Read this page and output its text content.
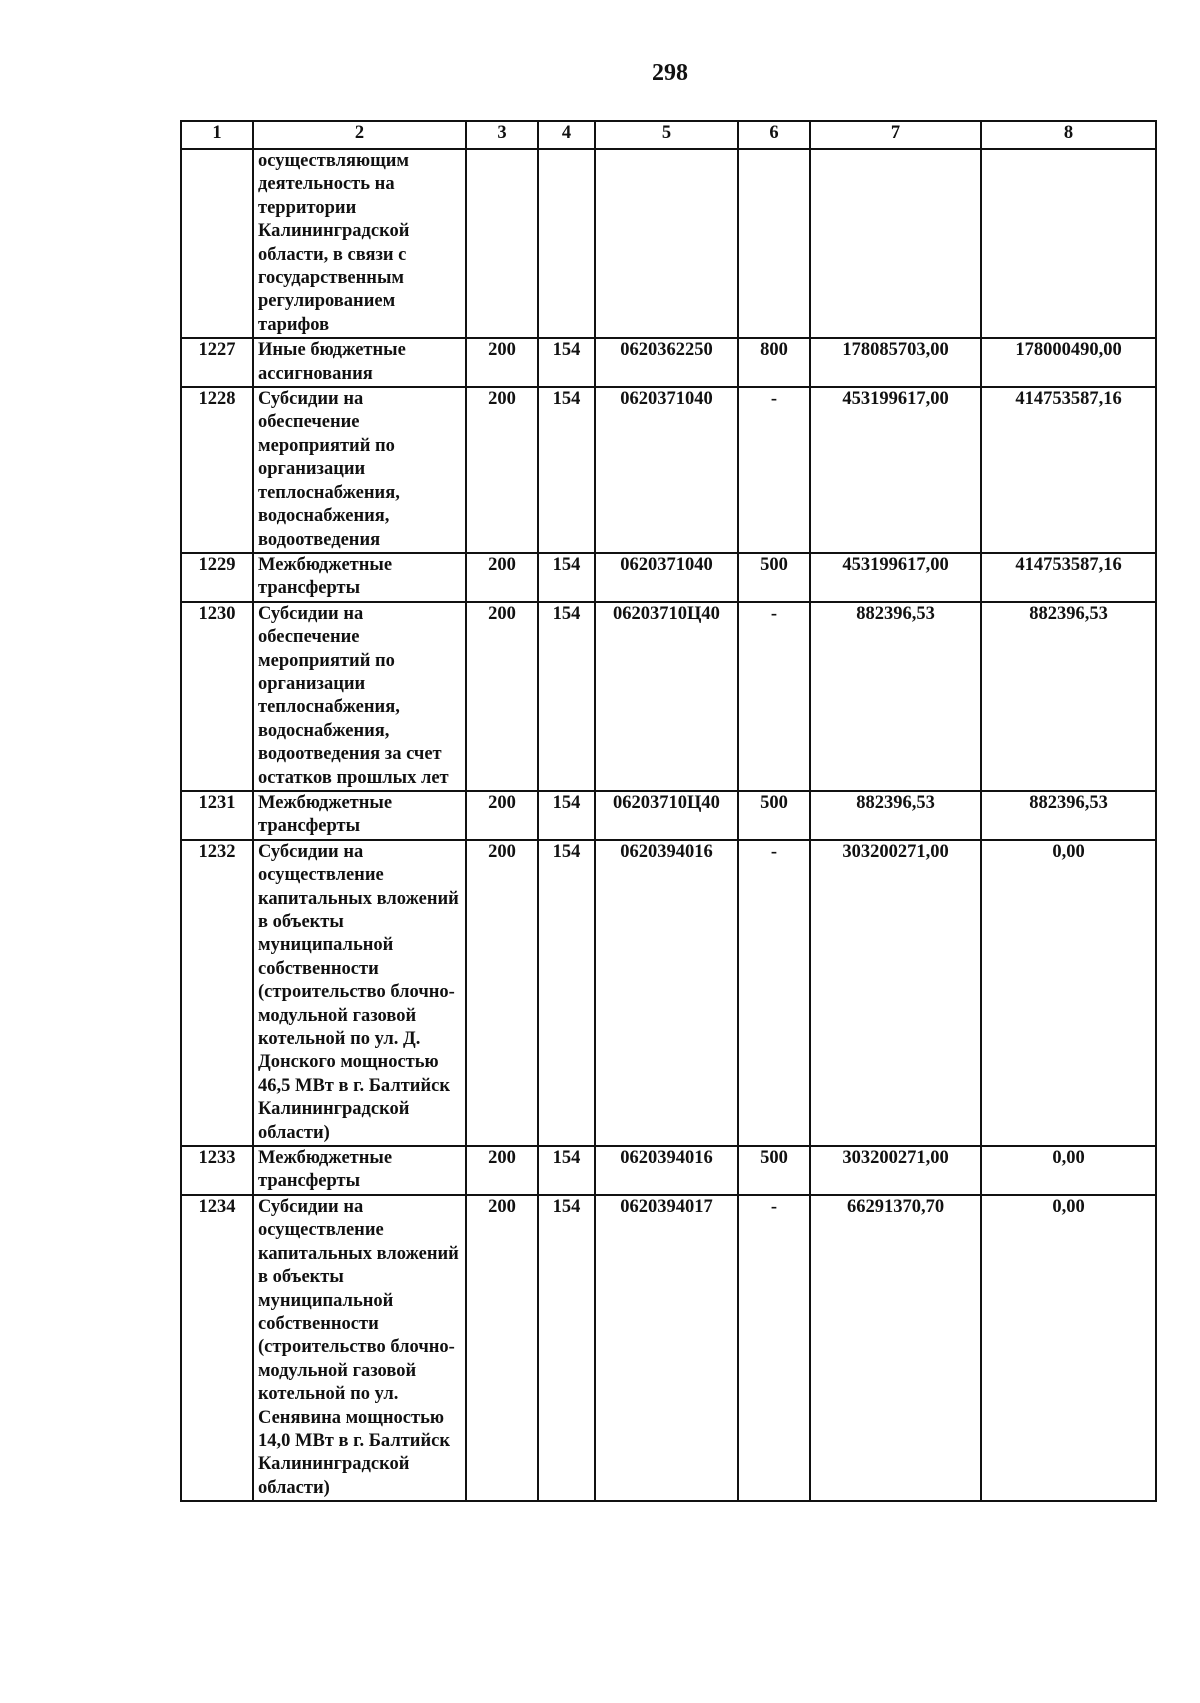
298
1	2	3	4	5	6	7	8
	осуществляющим деятельность на территории Калининградской области, в связи с государственным регулированием тарифов						
1227	Иные бюджетные ассигнования	200	154	0620362250	800	178085703,00	178000490,00
1228	Субсидии на обеспечение мероприятий по организации теплоснабжения, водоснабжения, водоотведения	200	154	0620371040	-	453199617,00	414753587,16
1229	Межбюджетные трансферты	200	154	0620371040	500	453199617,00	414753587,16
1230	Субсидии на обеспечение мероприятий по организации теплоснабжения, водоснабжения, водоотведения за счет остатков прошлых лет	200	154	06203710Ц40	-	882396,53	882396,53
1231	Межбюджетные трансферты	200	154	06203710Ц40	500	882396,53	882396,53
1232	Субсидии на осуществление капитальных вложений в объекты муниципальной собственности (строительство блочно-модульной газовой котельной по ул. Д. Донского мощностью 46,5 МВт в г. Балтийск Калининградской области)	200	154	0620394016	-	303200271,00	0,00
1233	Межбюджетные трансферты	200	154	0620394016	500	303200271,00	0,00
1234	Субсидии на осуществление капитальных вложений в объекты муниципальной собственности (строительство блочно-модульной газовой котельной по ул. Сенявина мощностью 14,0 МВт в г. Балтийск Калининградской области)	200	154	0620394017	-	66291370,70	0,00
